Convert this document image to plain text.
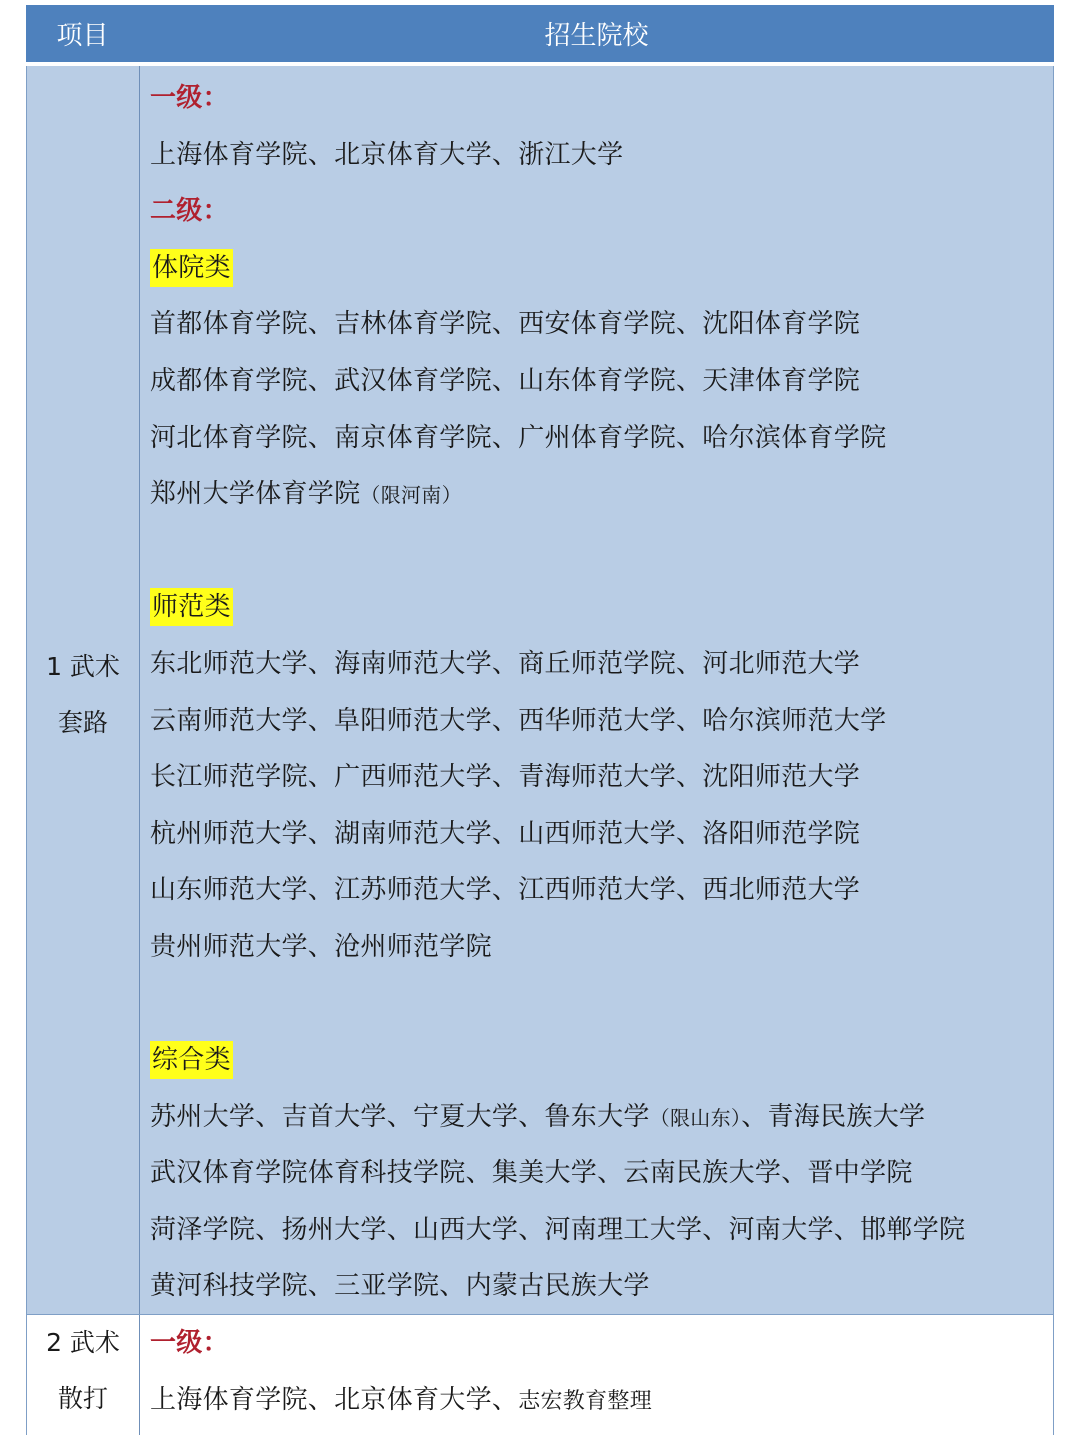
项目	招生院校
1 武术
套路
一级：
上海体育学院、北京体育大学、浙江大学
二级：
体院类
首都体育学院、吉林体育学院、西安体育学院、沈阳体育学院
成都体育学院、武汉体育学院、山东体育学院、天津体育学院
河北体育学院、南京体育学院、广州体育学院、哈尔滨体育学院
郑州大学体育学院（限河南）
师范类
东北师范大学、海南师范大学、商丘师范学院、河北师范大学
云南师范大学、阜阳师范大学、西华师范大学、哈尔滨师范大学
长江师范学院、广西师范大学、青海师范大学、沈阳师范大学
杭州师范大学、湖南师范大学、山西师范大学、洛阳师范学院
山东师范大学、江苏师范大学、江西师范大学、西北师范大学
贵州师范大学、沧州师范学院
综合类
苏州大学、吉首大学、宁夏大学、鲁东大学（限山东）、青海民族大学
武汉体育学院体育科技学院、集美大学、云南民族大学、晋中学院
菏泽学院、扬州大学、山西大学、河南理工大学、河南大学、邯郸学院
黄河科技学院、三亚学院、内蒙古民族大学
2 武术
散打
一级：
上海体育学院、北京体育大学、志宏教育整理
